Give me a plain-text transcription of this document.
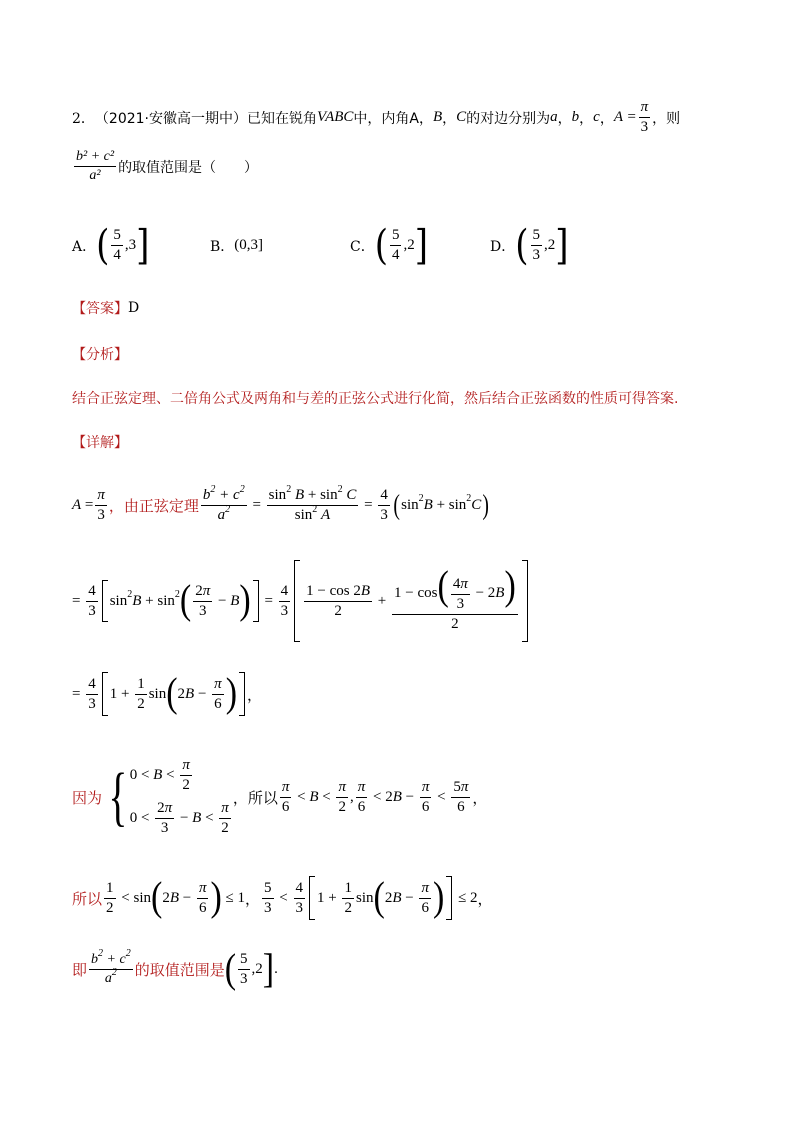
2． （2021·安徽高一期中） 已知在锐角 VABC 中，内角A， B ， C 的对边分别为 a ， b ， c ， $A = \frac{\pi}{3}$ ，则
$\frac{\text{b² + c²}}{\text{a²}}$ 的取值范围是（　　）
A． ( $\frac{5}{4} ,3$ ]	B． (0,3]	C． ( $\frac{5}{4} ,2$ ]	D． ( $\frac{5}{3} ,2$ ]
【答案】 D
【分析】
结合正弦定理、二倍角公式及两角和与差的正弦公式进行化简，然后结合正弦函数的性质可得答案.
【详解】
$A = \frac{\pi}{3}$ ，由正弦定理 $\frac{b^2 + c^2}{a^2} = \frac{\sin^2 B + \sin^2 C}{\sin^2 A} = \frac{4}{3}$ ( sin 2 B + sin 2 C )
= $\frac{4}{3}$ sin 2 B + sin 2 ( $\frac{2\pi}{3} - B$ ) = $\frac{4}{3} \frac{1 - \cos 2B}{2} + \frac{1 - \cos( \frac{4\pi}{3} - 2B)}{2}$
= $\frac{4}{3} 1 + \frac{1}{2}$ sin ( 2 $B - \frac{\pi}{6}$ ) ，
因为 { $0 < B < \frac{\pi}{2}$
$0 < \frac{2\pi}{3} - B < \frac{\pi}{2}$
，所以 $\frac{\pi}{6} < B < \frac{\pi}{2}$ , $\frac{\pi}{6} < 2$ $B - \frac{\pi}{6} < \frac{5\pi}{6}$ ，
所以 $\frac{1}{2} < \sin$ ( 2 $B - \frac{\pi}{6}$ ) ≤ 1 ， $\frac{5}{3} < \frac{4}{3} 1 + \frac{1}{2}$ sin ( 2 $B - \frac{\pi}{6}$ ) ≤ 2 ，
即 $\frac{b^2 + c^2}{a^2}$ 的取值范围是 ( $\frac{5}{3} ,2$ ] .
